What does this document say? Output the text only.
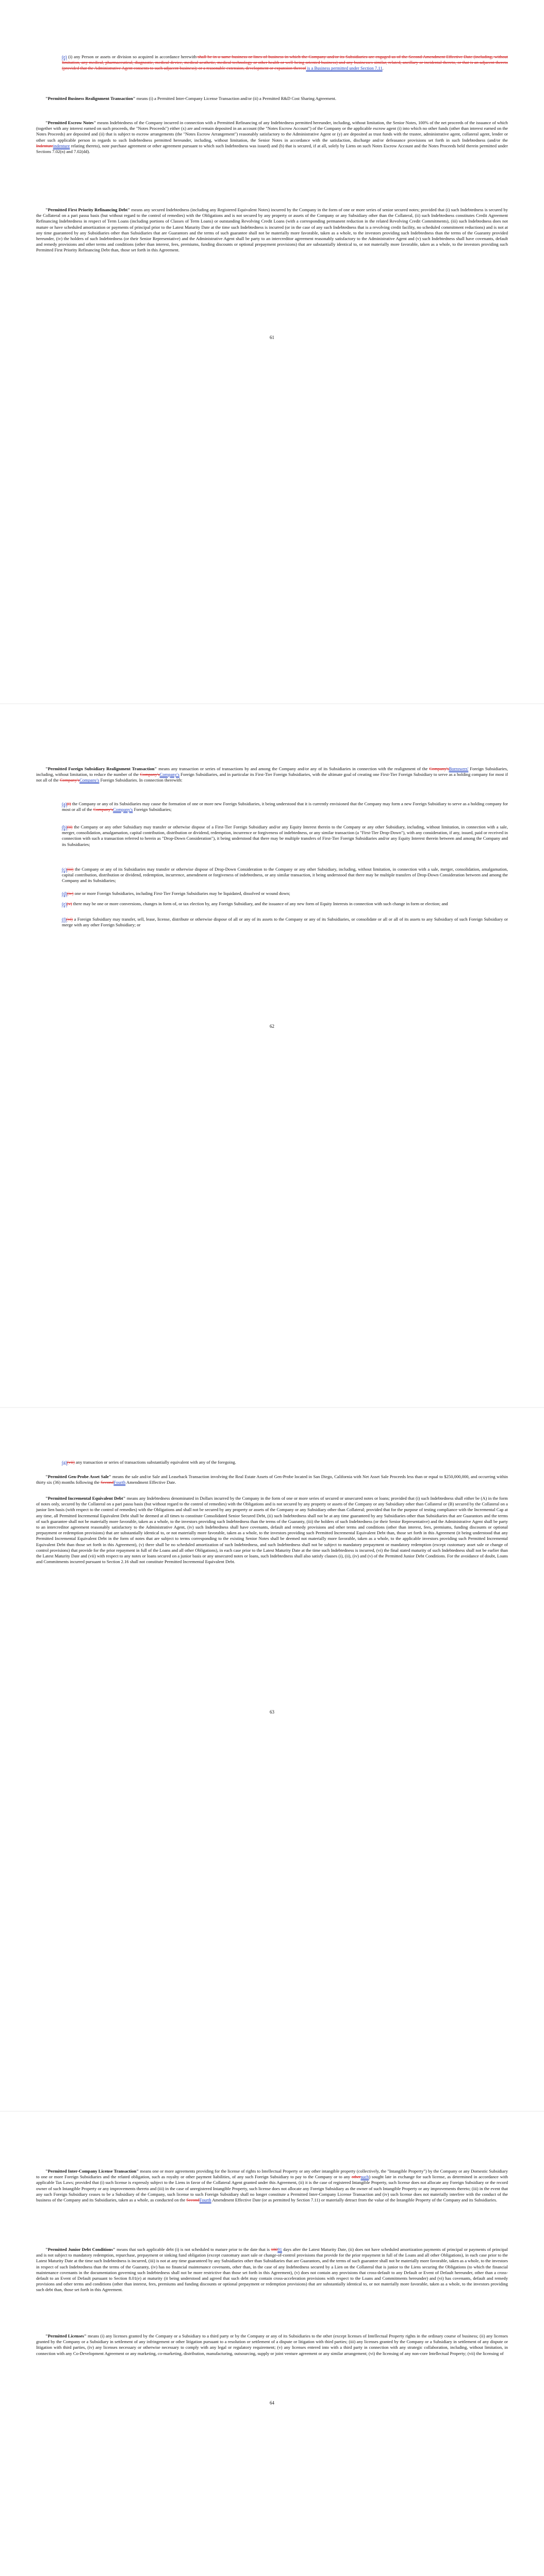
(e) (i) any Person or assets or division so acquired in accordance herewith shall be in a same business or lines of business in which the Company and/or its Subsidiaries are engaged as of the Second Amendment Effective Date (including, without limitation, any medical, pharmaceutical, diagnostic, medical device, medical aesthetic, medical technology or other health or well-being oriented business) and any businesses similar, related, ancillary or incidental thereto, or that is an adjacent thereto (provided that the Administrative Agent consents to such adjacent business); or a reasonable extension, development or expansion thereof is a Business permitted under Section 7.11.

"Permitted Business Realignment Transaction" means (i) a Permitted Inter-Company License Transaction and/or (ii) a Permitted R&D Cost Sharing Agreement.

"Permitted Escrow Notes" means Indebtedness of the Company incurred in connection with a Permitted Refinancing of any Indebtedness permitted hereunder, including, without limitation, the Senior Notes, 100% of the net proceeds of the issuance of which (together with any interest earned on such proceeds, the "Notes Proceeds") either (x) are and remain deposited in an account (the "Notes Escrow Account") of the Company or the applicable escrow agent (i) into which no other funds (other than interest earned on the Notes Proceeds) are deposited and (ii) that is subject to escrow arrangements (the "Notes Escrow Arrangement") reasonably satisfactory to the Administrative Agent or (y) are deposited as trust funds with the trustee, administrative agent, collateral agent, lender or other such applicable person in regards to such Indebtedness permitted hereunder, including, without limitation, the Senior Notes in accordance with the satisfaction, discharge and/or defeasance provisions set forth in such Indebtedness (and/or the Indentureindenture relating thereto), note purchase agreement or other agreement pursuant to which such Indebtedness was issued) and (b) that is secured, if at all, solely by Liens on such Notes Escrow Account and the Notes Proceeds held therein permitted under Sections 7.02(n) and 7.02(dd).

"Permitted First Priority Refinancing Debt" means any secured Indebtedness (including any Registered Equivalent Notes) incurred by the Company in the form of one or more series of senior secured notes; provided that (i) such Indebtedness is secured by the Collateral on a pari passu basis (but without regard to the control of remedies) with the Obligations and is not secured by any property or assets of the Company or any Subsidiary other than the Collateral, (ii) such Indebtedness constitutes Credit Agreement Refinancing Indebtedness in respect of Term Loans (including portions of Classes of Term Loans) or outstanding Revolving Credit Loans (with a corresponding permanent reduction in the related Revolving Credit Commitments), (iii) such Indebtedness does not mature or have scheduled amortization or payments of principal prior to the Latest Maturity Date at the time such Indebtedness is incurred (or in the case of any such Indebtedness that is a revolving credit facility, no scheduled commitment reductions) and is not at any time guaranteed by any Subsidiaries other than Subsidiaries that are Guarantors and the terms of such guarantee shall not be materially more favorable, taken as a whole, to the investors providing such Indebtedness than the terms of the Guaranty provided hereunder, (iv) the holders of such Indebtedness (or their Senior Representative) and the Administrative Agent shall be party to an intercreditor agreement reasonably satisfactory to the Administrative Agent and (v) such Indebtedness shall have covenants, default and remedy provisions and other terms and conditions (other than interest, fees, premiums, funding discounts or optional prepayment provisions) that are substantially identical to, or not materially more favorable, taken as a whole, to the investors providing such Permitted First Priority Refinancing Debt than, those set forth in this Agreement.

61

"Permitted Foreign Subsidiary Realignment Transaction" means any transaction or series of transactions by and among the Company and/or any of its Subsidiaries in connection with the realignment of the Company'sBorrowers' Foreign Subsidiaries, including, without limitation, to reduce the number of the Company'sCompany's Foreign Subsidiaries, and in particular its First-Tier Foreign Subsidiaries, with the ultimate goal of creating one First-Tier Foreign Subsidiary to serve as a holding company for most if not all of the Company'sCompany's Foreign Subsidiaries. In connection therewith:

(a)(i) the Company or any of its Subsidiaries may cause the formation of one or more new Foreign Subsidiaries, it being understood that it is currently envisioned that the Company may form a new Foreign Subsidiary to serve as a holding company for most or all of the Company'sCompany's Foreign Subsidiaries;

(b)(ii) the Company or any other Subsidiary may transfer or otherwise dispose of a First-Tier Foreign Subsidiary and/or any Equity Interest therein to the Company or any other Subsidiary, including, without limitation, in connection with a sale, merger, consolidation, amalgamation, capital contribution, distribution or dividend, redemption, incurrence or forgiveness of indebtedness, or any similar transaction (a "First-Tier Drop-Down"), with any consideration, if any, issued, paid or received in connection with such a transaction referred to herein as "Drop-Down Consideration"), it being understood that there may be multiple transfers of First-Tier Foreign Subsidiaries and/or any Equity Interest therein between and among the Company and its Subsidiaries;

(c)(iii) the Company or any of its Subsidiaries may transfer or otherwise dispose of Drop-Down Consideration to the Company or any other Subsidiary, including, without limitation, in connection with a sale, merger, consolidation, amalgamation, capital contribution, distribution or dividend, redemption, incurrence, amendment or forgiveness of indebtedness, or any similar transaction, it being understood that there may be multiple transfers of Drop-Down Consideration between and among the Company and its Subsidiaries;

(d)(iv) one or more Foreign Subsidiaries, including First-Tier Foreign Subsidiaries may be liquidated, dissolved or wound down;

(e)(v) there may be one or more conversions, changes in form of, or tax election by, any Foreign Subsidiary, and the issuance of any new form of Equity Interests in connection with such change in form or election; and

(f)(vi) a Foreign Subsidiary may transfer, sell, lease, license, distribute or otherwise dispose of all or any of its assets to the Company or any of its Subsidiaries, or consolidate or all or all of its assets to any Subsidiary of such Foreign Subsidiary or merge with any other Foreign Subsidiary; or

62

(g)(vii) any transaction or series of transactions substantially equivalent with any of the foregoing.

"Permitted Gen-Probe Asset Sale" means the sale and/or Sale and Leaseback Transaction involving the Real Estate Assets of Gen-Probe located in San Diego, California with Net Asset Sale Proceeds less than or equal to $250,000,000, and occurring within thirty six (36) months following the SecondFourth Amendment Effective Date.

"Permitted Incremental Equivalent Debt" means any Indebtedness denominated in Dollars incurred by the Company in the form of one or more series of secured or unsecured notes or loans; provided that (i) such Indebtedness shall either be (A) in the form of notes only, secured by the Collateral on a pari passu basis (but without regard to the control of remedies) with the Obligations and is not secured by any property or assets of the Company or any Subsidiary other than Collateral or (B) secured by the Collateral on a junior lien basis (with respect to the control of remedies) with the Obligations and shall not be secured by any property or assets of the Company or any Subsidiary other than Collateral; provided that for the purpose of testing compliance with the Incremental Cap at any time, all Permitted Incremental Equivalent Debt shall be deemed at all times to constitute Consolidated Senior Secured Debt, (ii) such Indebtedness shall not be at any time guaranteed by any Subsidiaries other than Subsidiaries that are Guarantors and the terms of such guarantee shall not be materially more favorable, taken as a whole, to the investors providing such Indebtedness than the terms of the Guaranty, (iii) the holders of such Indebtedness (or their Senior Representative) and the Administrative Agent shall be party to an intercreditor agreement reasonably satisfactory to the Administrative Agent, (iv) such Indebtedness shall have covenants, default and remedy provisions and other terms and conditions (other than interest, fees, premiums, funding discounts or optional prepayment or redemption provisions) that are substantially identical to, or not materially more favorable, taken as a whole, to the investors providing such Permitted Incremental Equivalent Debt than, those set forth in this Agreement (it being understood that any Permitted Incremental Equivalent Debt in the form of notes that are subject to terms corresponding to the existing Senior Notes shall be deemed not materially more favorable, taken as a whole, to the applicable investors providing such Permitted Incremental Equivalent Debt than those set forth in this Agreement), (v) there shall be no scheduled amortization of such Indebtedness, and such Indebtedness shall not be subject to mandatory prepayment or mandatory redemption (except customary asset sale or change of control provisions) that provide for the prior repayment in full of the Loans and all other Obligations), in each case prior to the Latest Maturity Date at the time such Indebtedness is incurred, (vi) the final stated maturity of such Indebtedness shall not be earlier than the Latest Maturity Date and (vii) with respect to any notes or loans secured on a junior basis or any unsecured notes or loans, such Indebtedness shall also satisfy clauses (i), (ii), (iv) and (v) of the Permitted Junior Debt Conditions. For the avoidance of doubt, Loans and Commitments incurred pursuant to Section 2.16 shall not constitute Permitted Incremental Equivalent Debt.

63

"Permitted Inter-Company License Transaction" means one or more agreements providing for the license of rights to Intellectual Property or any other intangible property (collectively, the "Intangible Property") by the Company or any Domestic Subsidiary to one or more Foreign Subsidiaries and the related obligation, such as royalty or other payment liabilities, of any such Foreign Subsidiary to pay to the Company or to any othersuch) sought late in exchange for such license, as determined in accordance with applicable Tax Laws; provided that (i) such license is expressly subject to the Liens in favor of the Collateral Agent granted under this Agreement, (ii) it is the case of registered Intangible Property, such license does not allocate any Foreign Subsidiary or the record owner of such Intangible Property or any improvements thereto and (iii) in the case of unregistered Intangible Property, such license does not allocate any Foreign Subsidiary as the owner of such Intangible Property or any improvements thereto; (iii) in the event that any such Foreign Subsidiary ceases to be a Subsidiary of the Company, such license to such Foreign Subsidiary shall no longer constitute a Permitted Inter-Company License Transaction and (iv) such license does not materially interfere with the conduct of the business of the Company and its Subsidiaries, taken as a whole, as conducted on the SecondFourth Amendment Effective Date (or as permitted by Section 7.11) or materially detract from the value of the Intangible Property of the Company and its Subsidiaries.

"Permitted Junior Debt Conditions" means that such applicable debt (i) is not scheduled to mature prior to the date that is 18091 days after the Latest Maturity Date, (ii) does not have scheduled amortization payments of principal or payments of principal and is not subject to mandatory redemption, repurchase, prepayment or sinking fund obligation (except customary asset sale or change-of-control provisions that provide for the prior repayment in full of the Loans and all other Obligations), in each case prior to the Latest Maturity Date at the time such Indebtedness is incurred, (iii) is not at any time guaranteed by any Subsidiaries other than Subsidiaries that are Guarantors, and the terms of such guarantee shall not be materially more favorable, taken as a whole, to the investors in respect of such Indebtedness than the terms of the Guaranty, (iv) has no financial maintenance covenants, other than, in the case of any Indebtedness secured by a Lien on the Collateral that is junior to the Liens securing the Obligations (to which the financial maintenance covenants in the documentation governing such Indebtedness shall not be more restrictive than those set forth in this Agreement), (v) does not contain any provisions that cross-default to any Default or Event of Default hereunder, other than a cross-default to an Event of Default pursuant to Section 8.01(e) at maturity (it being understood and agreed that such debt may contain cross-acceleration provisions with respect to the Loans and Commitments hereunder) and (vi) has covenants, default and remedy provisions and other terms and conditions (other than interest, fees, premiums and funding discounts or optional prepayment or redemption provisions) that are substantially identical to, or not materially more favorable, taken as a whole, to the investors providing such debt than, those set forth in this Agreement.

"Permitted Licenses" means (i) any licenses granted by the Company or a Subsidiary to a third party or by the Company or any of its Subsidiaries to the other (except licenses of Intellectual Property rights in the ordinary course of business; (ii) any licenses granted by the Company or a Subsidiary in settlement of any infringement or other litigation pursuant to a resolution or settlement of a dispute or litigation with third parties; (iii) any licenses granted by the Company or a Subsidiary in settlement of any dispute or litigation with third parties, (iv) any licenses necessary or otherwise necessary to comply with any legal or regulatory requirement; (v) any licenses entered into with a third party in connection with any strategic collaboration, including, without limitation, in connection with any Co-Development Agreement or any marketing, co-marketing, distribution, manufacturing, outsourcing, supply or joint venture agreement or any similar arrangement; (vi) the licensing of any non-core Intellectual Property; (vii) the licensing of

64
